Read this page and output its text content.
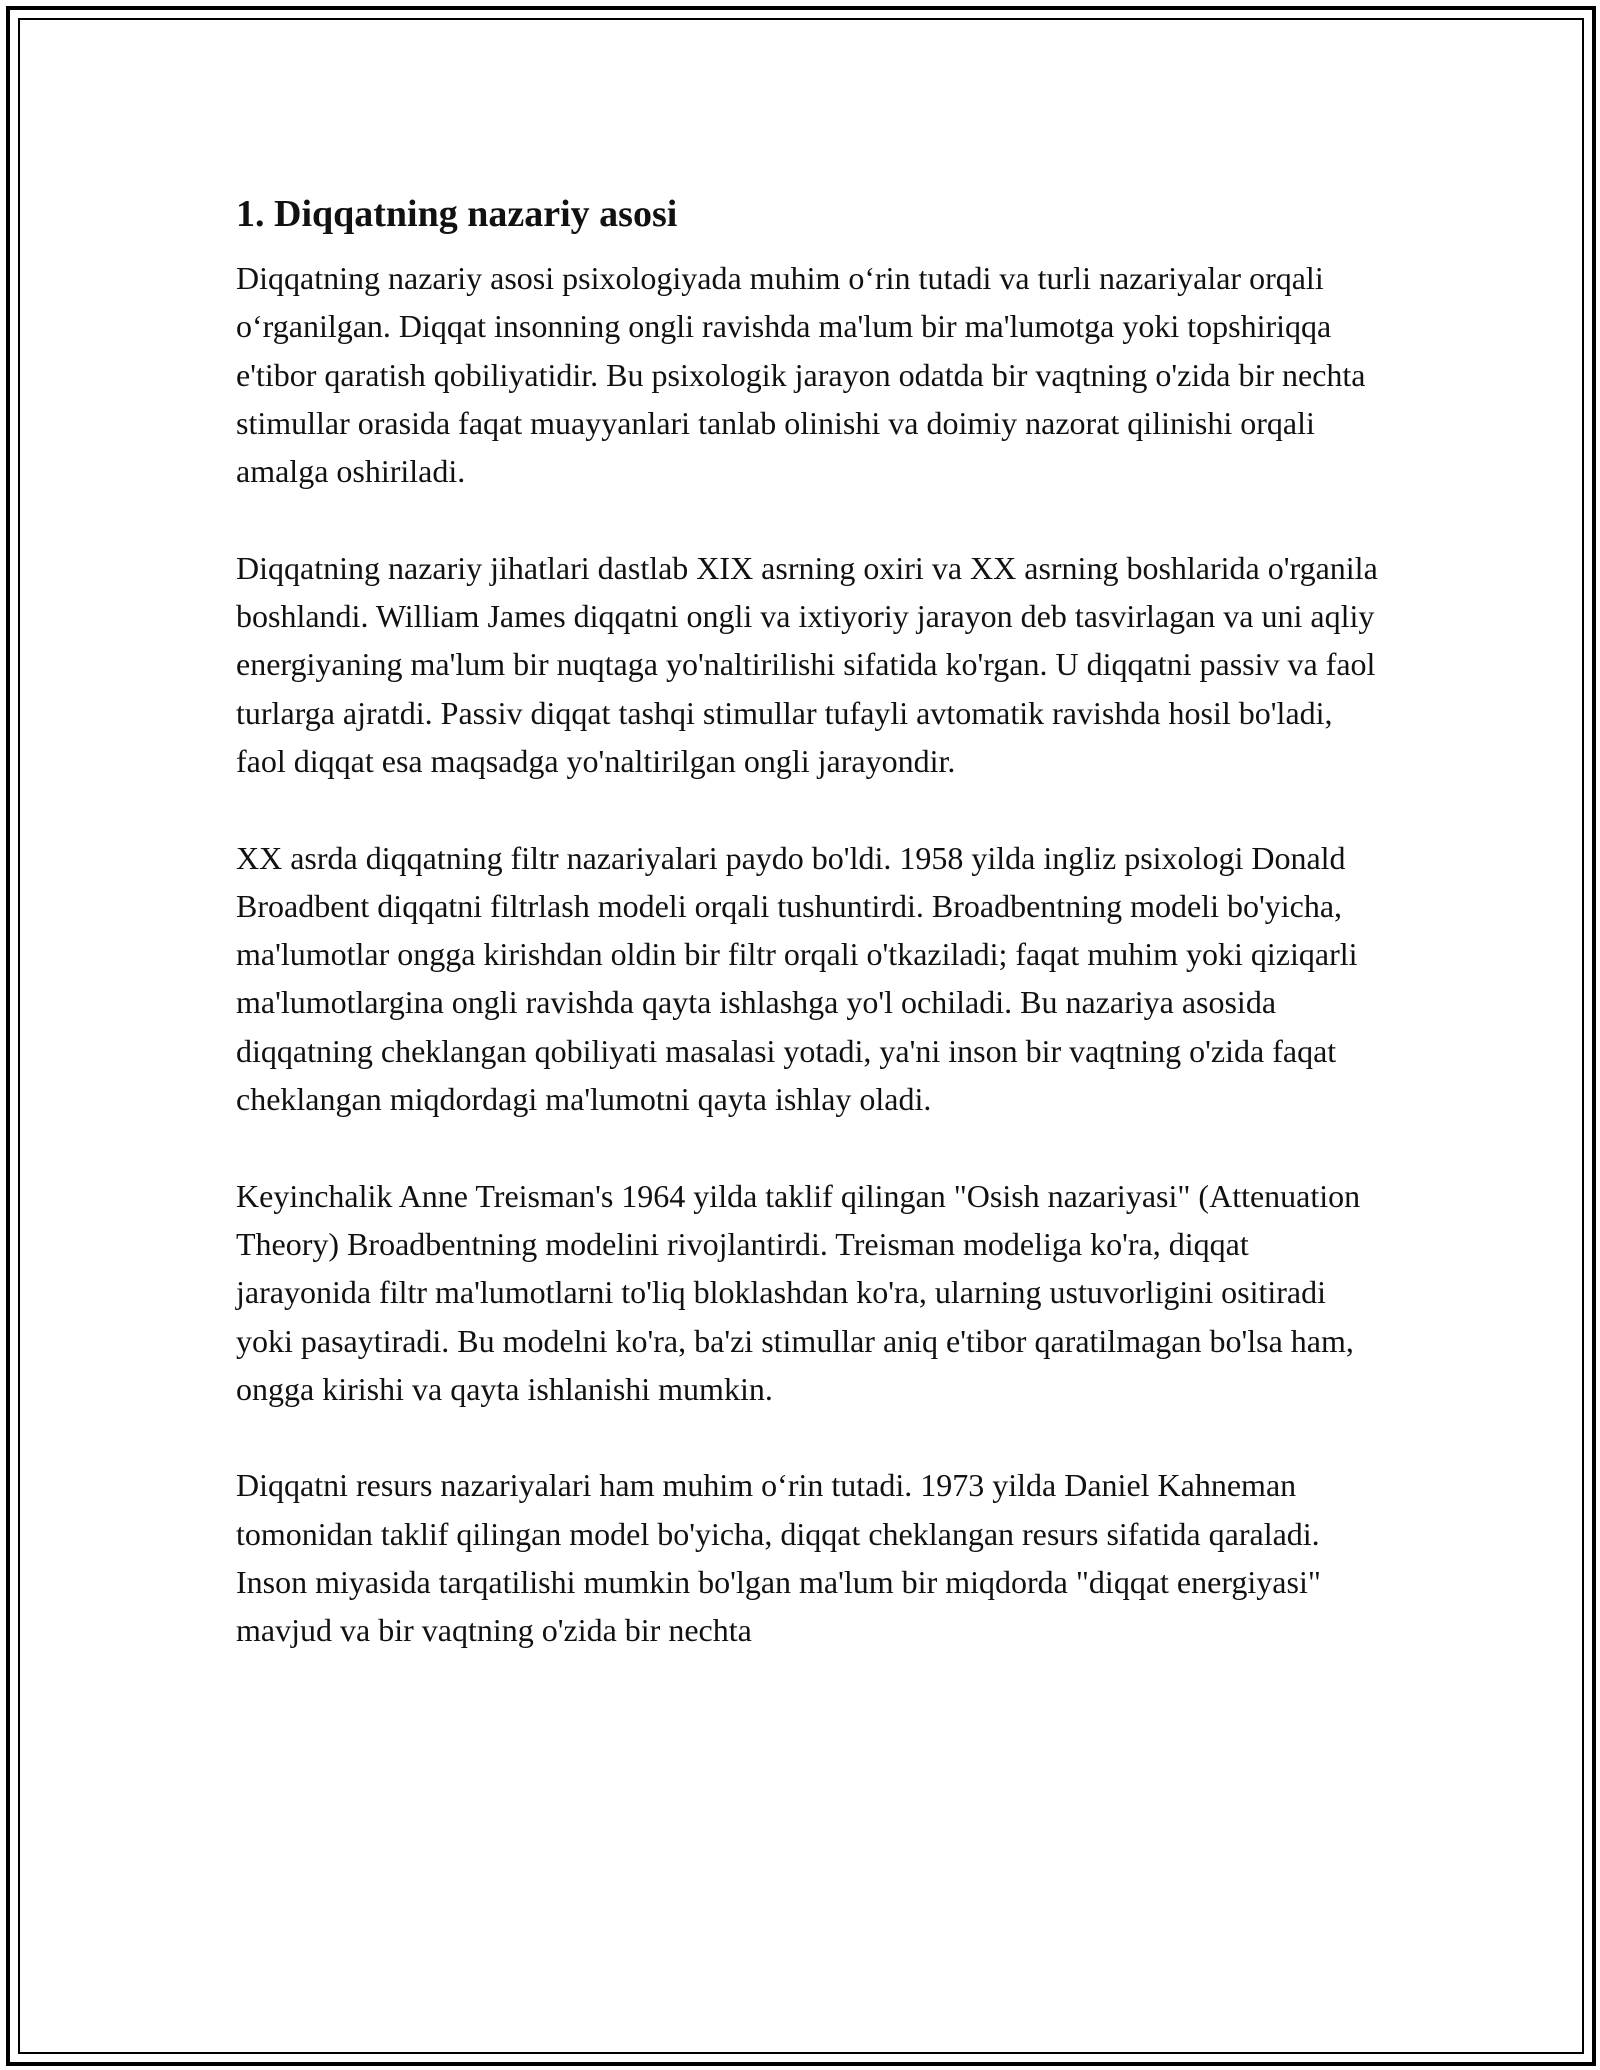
1. Diqqatning nazariy asosi

Diqqatning nazariy asosi psixologiyada muhim o‘rin tutadi va turli nazariyalar orqali o‘rganilgan. Diqqat insonning ongli ravishda ma'lum bir ma'lumotga yoki topshiriqqa e'tibor qaratish qobiliyatidir. Bu psixologik jarayon odatda bir vaqtning o'zida bir nechta stimullar orasida faqat muayyanlari tanlab olinishi va doimiy nazorat qilinishi orqali amalga oshiriladi.

Diqqatning nazariy jihatlari dastlab XIX asrning oxiri va XX asrning boshlarida o'rganila boshlandi. William James diqqatni ongli va ixtiyoriy jarayon deb tasvirlagan va uni aqliy energiyaning ma'lum bir nuqtaga yo'naltirilishi sifatida ko'rgan. U diqqatni passiv va faol turlarga ajratdi. Passiv diqqat tashqi stimullar tufayli avtomatik ravishda hosil bo'ladi, faol diqqat esa maqsadga yo'naltirilgan ongli jarayondir.

XX asrda diqqatning filtr nazariyalari paydo bo'ldi. 1958 yilda ingliz psixologi Donald Broadbent diqqatni filtrlash modeli orqali tushuntirdi. Broadbentning modeli bo'yicha, ma'lumotlar ongga kirishdan oldin bir filtr orqali o'tkaziladi; faqat muhim yoki qiziqarli ma'lumotlargina ongli ravishda qayta ishlashga yo'l ochiladi. Bu nazariya asosida diqqatning cheklangan qobiliyati masalasi yotadi, ya'ni inson bir vaqtning o'zida faqat cheklangan miqdordagi ma'lumotni qayta ishlay oladi.

Keyinchalik Anne Treisman's 1964 yilda taklif qilingan "Osish nazariyasi" (Attenuation Theory) Broadbentning modelini rivojlantirdi. Treisman modeliga ko'ra, diqqat jarayonida filtr ma'lumotlarni to'liq bloklashdan ko'ra, ularning ustuvorligini ositiradi yoki pasaytiradi. Bu modelni ko'ra, ba'zi stimullar aniq e'tibor qaratilmagan bo'lsa ham, ongga kirishi va qayta ishlanishi mumkin.

Diqqatni resurs nazariyalari ham muhim o‘rin tutadi. 1973 yilda Daniel Kahneman tomonidan taklif qilingan model bo'yicha, diqqat cheklangan resurs sifatida qaraladi. Inson miyasida tarqatilishi mumkin bo'lgan ma'lum bir miqdorda "diqqat energiyasi" mavjud va bir vaqtning o'zida bir nechta
